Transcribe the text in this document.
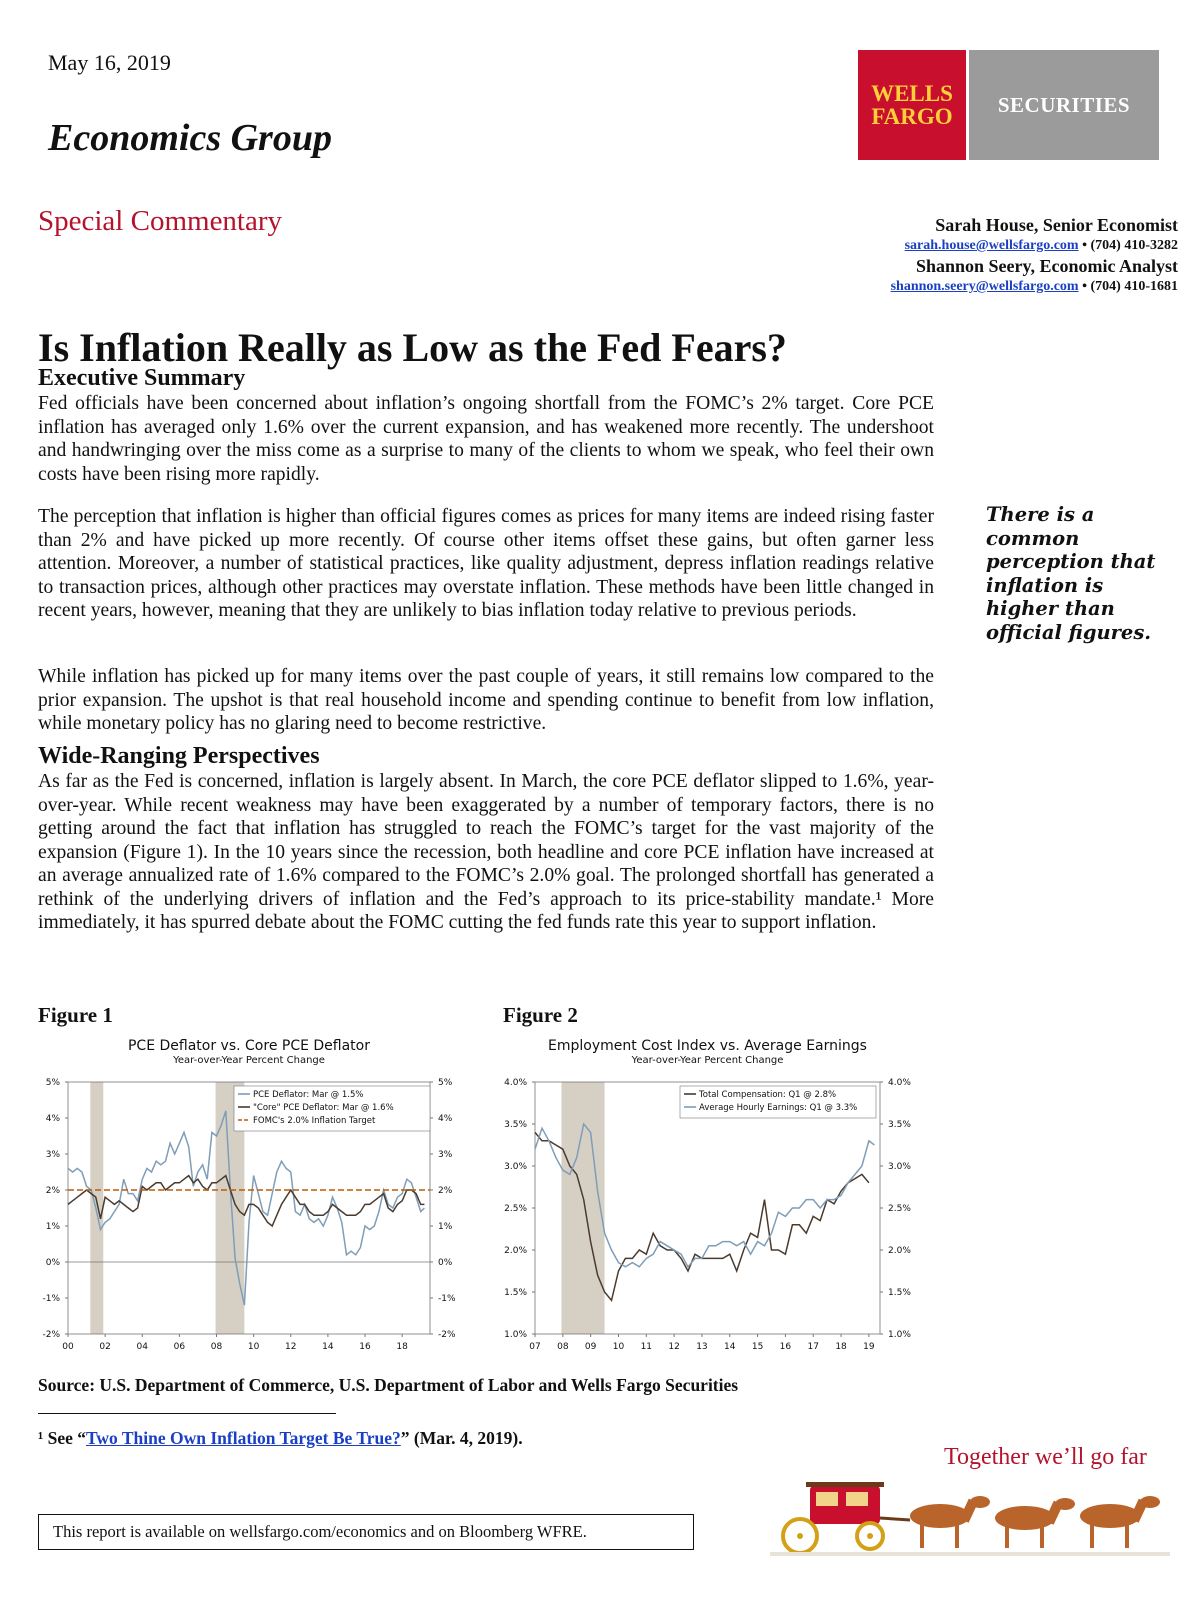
May 16, 2019
Economics Group
WELLS
FARGO	SECURITIES
Special Commentary	Sarah House, Senior Economist
sarah.house@wellsfargo.com • (704) 410-3282
Shannon Seery, Economic Analyst
shannon.seery@wellsfargo.com • (704) 410-1681
Is Inflation Really as Low as the Fed Fears?
Executive Summary

Fed officials have been concerned about inflation’s ongoing shortfall from the FOMC’s 2% target. Core PCE inflation has averaged only 1.6% over the current expansion, and has weakened more recently. The undershoot and handwringing over the miss come as a surprise to many of the clients to whom we speak, who feel their own costs have been rising more rapidly.

The perception that inflation is higher than official figures comes as prices for many items are indeed rising faster than 2% and have picked up more recently. Of course other items offset these gains, but often garner less attention. Moreover, a number of statistical practices, like quality adjustment, depress inflation readings relative to transaction prices, although other practices may overstate inflation. These methods have been little changed in recent years, however, meaning that they are unlikely to bias inflation today relative to previous periods.

While inflation has picked up for many items over the past couple of years, it still remains low compared to the prior expansion. The upshot is that real household income and spending continue to benefit from low inflation, while monetary policy has no glaring need to become restrictive.

There is a common perception that inflation is higher than official figures.
Wide-Ranging Perspectives

As far as the Fed is concerned, inflation is largely absent. In March, the core PCE deflator slipped to 1.6%, year-over-year. While recent weakness may have been exaggerated by a number of temporary factors, there is no getting around the fact that inflation has struggled to reach the FOMC’s target for the vast majority of the expansion (Figure 1). In the 10 years since the recession, both headline and core PCE inflation have increased at an average annualized rate of 1.6% compared to the FOMC’s 2.0% goal. The prolonged shortfall has generated a rethink of the underlying drivers of inflation and the Fed’s approach to its price-stability mandate.¹ More immediately, it has spurred debate about the FOMC cutting the fed funds rate this year to support inflation.

Figure 1	Figure 2
PCE Deflator vs. Core PCE Deflator
Year-over-Year Percent Change
5%	5%
4%	4%
3%	3%
2%	2%
1%	1%
0%	0%
-1%	-1%
-2%	-2%
00	02	04	06	08	10	12	14	16	18
PCE Deflator: Mar @ 1.5%
"Core" PCE Deflator: Mar @ 1.6%
FOMC's 2.0% Inflation Target
Employment Cost Index vs. Average Earnings
Year-over-Year Percent Change
4.0%	4.0%
3.5%	3.5%
3.0%	3.0%
2.5%	2.5%
2.0%	2.0%
1.5%	1.5%
1.0%	1.0%
07 08 09 10 11 12 13 14 15 16 17 18 19
Total Compensation: Q1 @ 2.8%
Average Hourly Earnings: Q1 @ 3.3%
Source: U.S. Department of Commerce, U.S. Department of Labor and Wells Fargo Securities
¹ See “Two Thine Own Inflation Target Be True?” (Mar. 4, 2019).
Together we’ll go far
This report is available on wellsfargo.com/economics and on Bloomberg WFRE.
